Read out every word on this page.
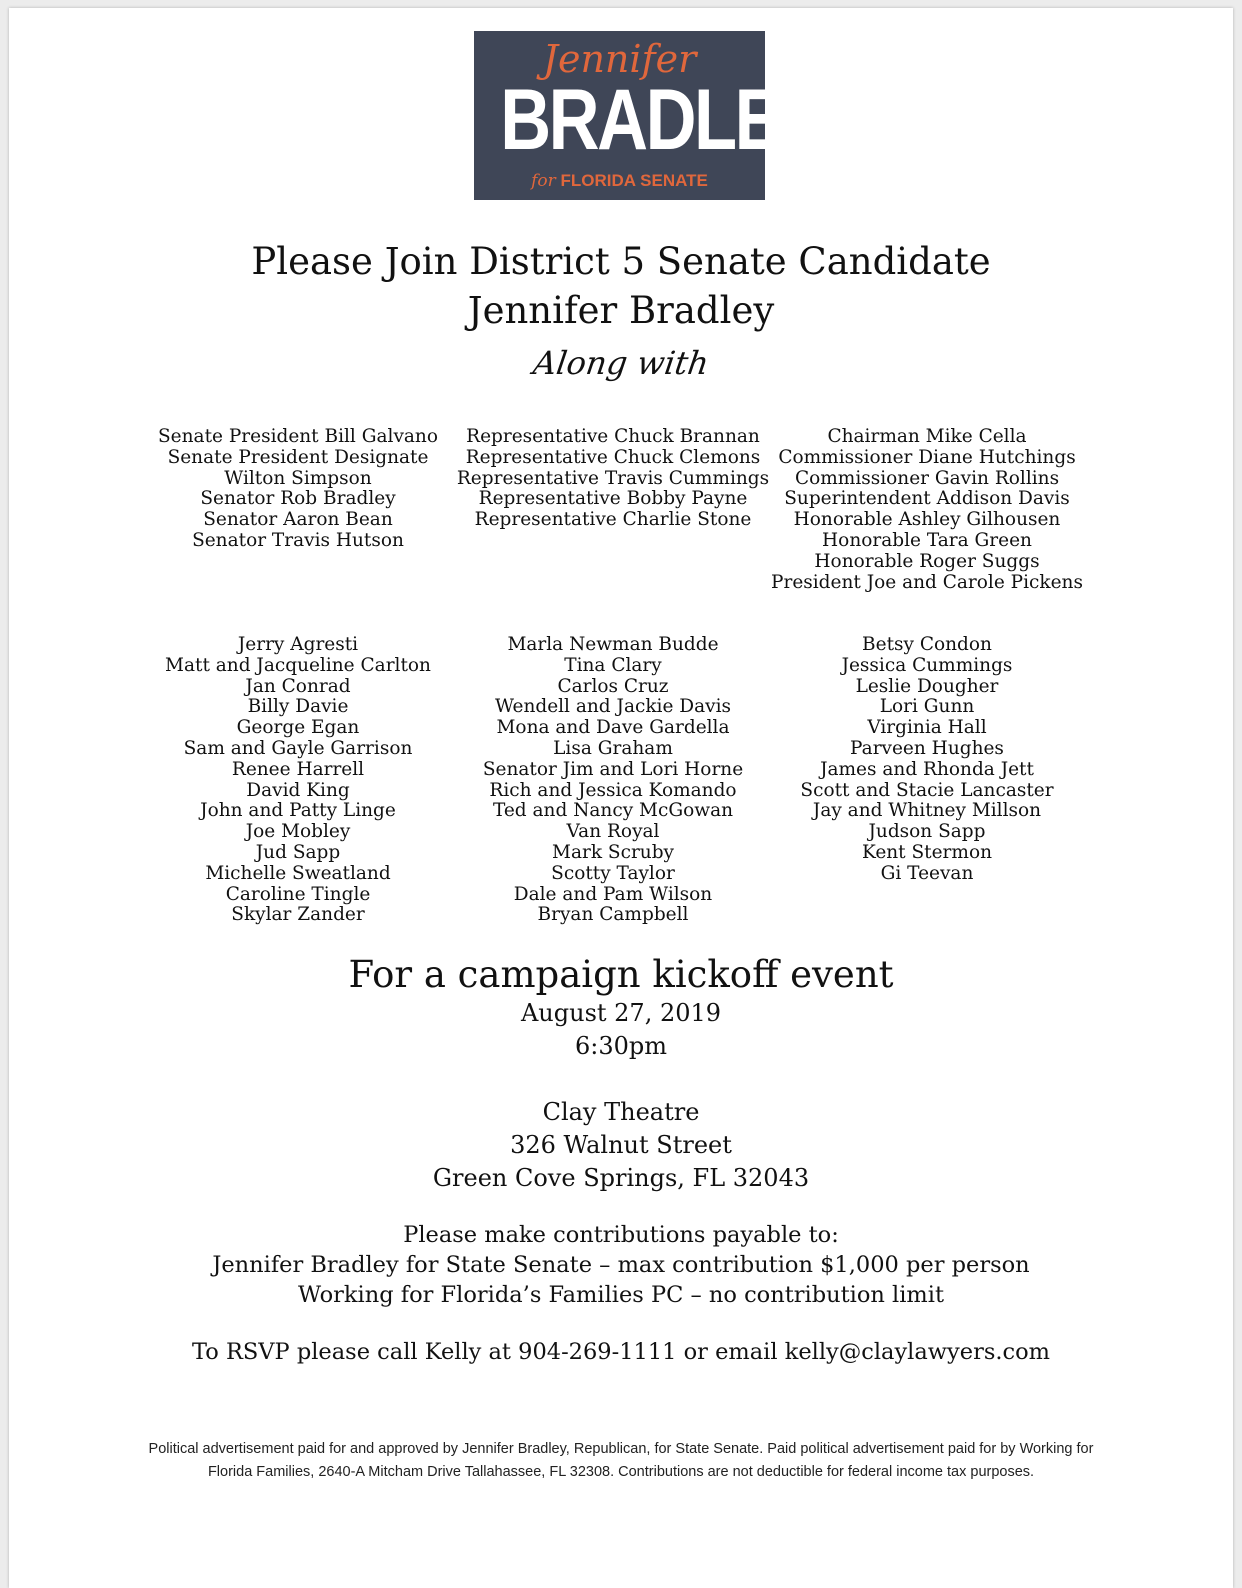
Jennifer
BRADLEY
for FLORIDA SENATE
Please Join District 5 Senate Candidate
Jennifer Bradley
Along with
Senate President Bill Galvano
Senate President Designate
Wilton Simpson
Senator Rob Bradley
Senator Aaron Bean
Senator Travis Hutson
Representative Chuck Brannan
Representative Chuck Clemons
Representative Travis Cummings
Representative Bobby Payne
Representative Charlie Stone
Chairman Mike Cella
Commissioner Diane Hutchings
Commissioner Gavin Rollins
Superintendent Addison Davis
Honorable Ashley Gilhousen
Honorable Tara Green
Honorable Roger Suggs
President Joe and Carole Pickens
Jerry Agresti
Matt and Jacqueline Carlton
Jan Conrad
Billy Davie
George Egan
Sam and Gayle Garrison
Renee Harrell
David King
John and Patty Linge
Joe Mobley
Jud Sapp
Michelle Sweatland
Caroline Tingle
Skylar Zander
Marla Newman Budde
Tina Clary
Carlos Cruz
Wendell and Jackie Davis
Mona and Dave Gardella
Lisa Graham
Senator Jim and Lori Horne
Rich and Jessica Komando
Ted and Nancy McGowan
Van Royal
Mark Scruby
Scotty Taylor
Dale and Pam Wilson
Bryan Campbell
Betsy Condon
Jessica Cummings
Leslie Dougher
Lori Gunn
Virginia Hall
Parveen Hughes
James and Rhonda Jett
Scott and Stacie Lancaster
Jay and Whitney Millson
Judson Sapp
Kent Stermon
Gi Teevan
For a campaign kickoff event
August 27, 2019
6:30pm
Clay Theatre
326 Walnut Street
Green Cove Springs, FL 32043
Please make contributions payable to:
Jennifer Bradley for State Senate – max contribution $1,000 per person
Working for Florida’s Families PC – no contribution limit
To RSVP please call Kelly at 904-269-1111 or email kelly@claylawyers.com
Political advertisement paid for and approved by Jennifer Bradley, Republican, for State Senate. Paid political advertisement paid for by Working for Florida Families, 2640-A Mitcham Drive Tallahassee, FL 32308. Contributions are not deductible for federal income tax purposes.
